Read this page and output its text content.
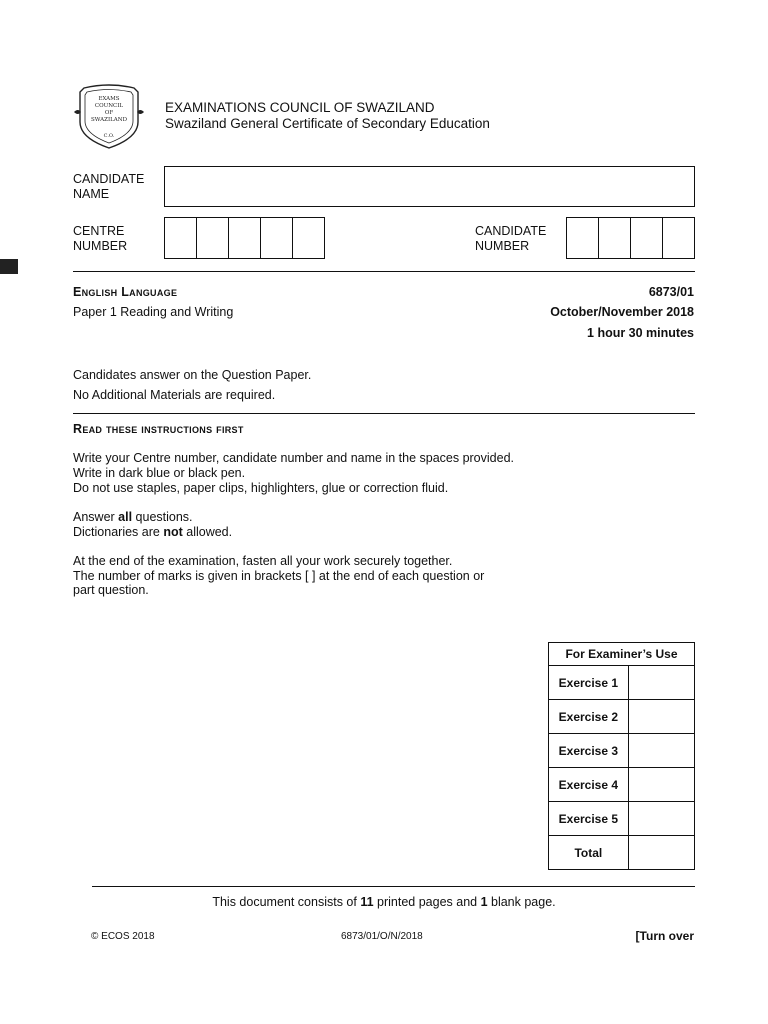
EXAMS
COUNCIL
OF
SWAZILAND
C.O.
EXAMINATIONS COUNCIL OF SWAZILAND
Swaziland General Certificate of Secondary Education
CANDIDATE
NAME
CENTRE
NUMBER
CANDIDATE
NUMBER
English Language
Paper 1 Reading and Writing
6873/01
October/November 2018
1 hour 30 minutes
Candidates answer on the Question Paper.
No Additional Materials are required.
Read these instructions first
Write your Centre number, candidate number and name in the spaces provided.
Write in dark blue or black pen.
Do not use staples, paper clips, highlighters, glue or correction fluid.
Answer all questions.
Dictionaries are not allowed.
At the end of the examination, fasten all your work securely together.
The number of marks is given in brackets [ ] at the end of each question or
part question.
For Examiner’s Use	
Exercise 1	
Exercise 2	
Exercise 3	
Exercise 4	
Exercise 5	
Total	
This document consists of 11 printed pages and 1 blank page.
© ECOS 2018	6873/01/O/N/2018	[Turn over
